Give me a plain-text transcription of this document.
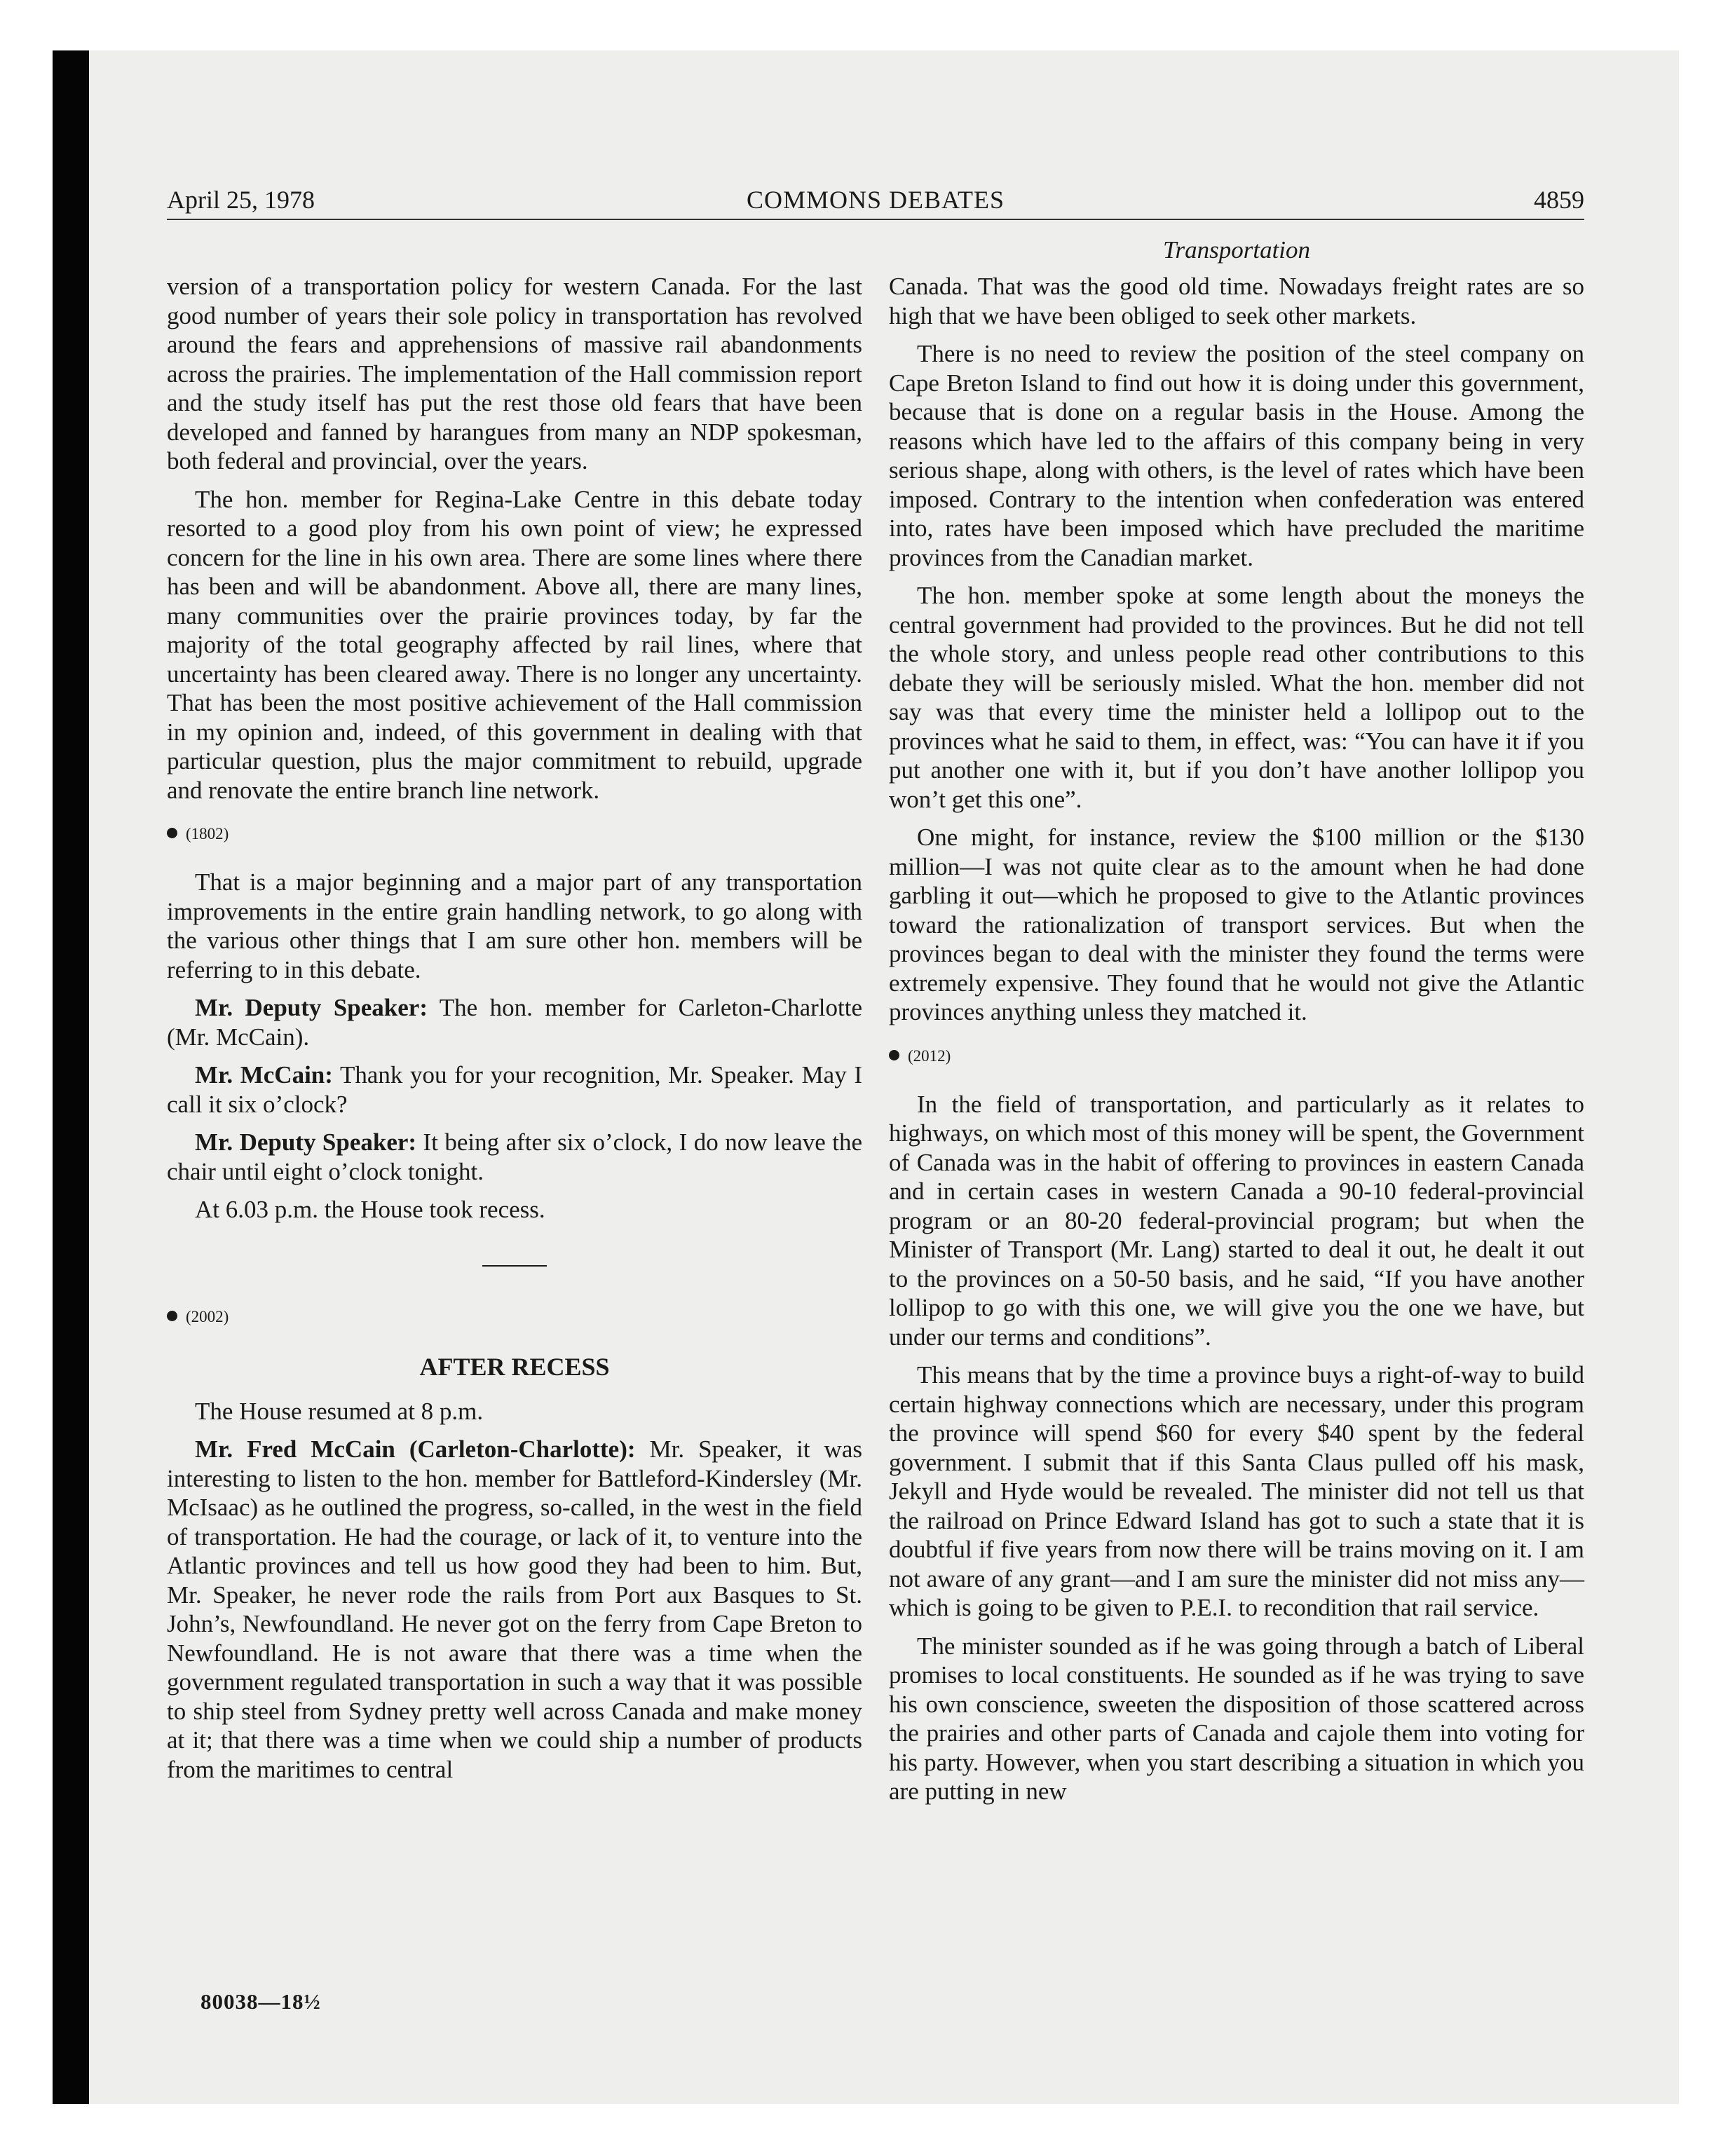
April 25, 1978	COMMONS DEBATES	4859
Transportation

version of a transportation policy for western Canada. For the last good number of years their sole policy in transportation has revolved around the fears and apprehensions of massive rail abandonments across the prairies. The implementation of the Hall commission report and the study itself has put the rest those old fears that have been developed and fanned by harangues from many an NDP spokesman, both federal and provincial, over the years.

The hon. member for Regina-Lake Centre in this debate today resorted to a good ploy from his own point of view; he expressed concern for the line in his own area. There are some lines where there has been and will be abandonment. Above all, there are many lines, many communities over the prairie provinces today, by far the majority of the total geography affected by rail lines, where that uncertainty has been cleared away. There is no longer any uncertainty. That has been the most positive achievement of the Hall commission in my opinion and, indeed, of this government in dealing with that particular question, plus the major commitment to rebuild, upgrade and renovate the entire branch line network.

(1802)

That is a major beginning and a major part of any transportation improvements in the entire grain handling network, to go along with the various other things that I am sure other hon. members will be referring to in this debate.

Mr. Deputy Speaker: The hon. member for Carleton-Charlotte (Mr. McCain).

Mr. McCain: Thank you for your recognition, Mr. Speaker. May I call it six o’clock?

Mr. Deputy Speaker: It being after six o’clock, I do now leave the chair until eight o’clock tonight.

At 6.03 p.m. the House took recess.

(2002)
AFTER RECESS

The House resumed at 8 p.m.

Mr. Fred McCain (Carleton-Charlotte): Mr. Speaker, it was interesting to listen to the hon. member for Battleford-Kindersley (Mr. McIsaac) as he outlined the progress, so-called, in the west in the field of transportation. He had the courage, or lack of it, to venture into the Atlantic provinces and tell us how good they had been to him. But, Mr. Speaker, he never rode the rails from Port aux Basques to St. John’s, Newfoundland. He never got on the ferry from Cape Breton to Newfoundland. He is not aware that there was a time when the government regulated transportation in such a way that it was possible to ship steel from Sydney pretty well across Canada and make money at it; that there was a time when we could ship a number of products from the maritimes to central

Canada. That was the good old time. Nowadays freight rates are so high that we have been obliged to seek other markets.

There is no need to review the position of the steel company on Cape Breton Island to find out how it is doing under this government, because that is done on a regular basis in the House. Among the reasons which have led to the affairs of this company being in very serious shape, along with others, is the level of rates which have been imposed. Contrary to the intention when confederation was entered into, rates have been imposed which have precluded the maritime provinces from the Canadian market.

The hon. member spoke at some length about the moneys the central government had provided to the provinces. But he did not tell the whole story, and unless people read other contributions to this debate they will be seriously misled. What the hon. member did not say was that every time the minister held a lollipop out to the provinces what he said to them, in effect, was: “You can have it if you put another one with it, but if you don’t have another lollipop you won’t get this one”.

One might, for instance, review the $100 million or the $130 million—I was not quite clear as to the amount when he had done garbling it out—which he proposed to give to the Atlantic provinces toward the rationalization of transport services. But when the provinces began to deal with the minister they found the terms were extremely expensive. They found that he would not give the Atlantic provinces anything unless they matched it.

(2012)

In the field of transportation, and particularly as it relates to highways, on which most of this money will be spent, the Government of Canada was in the habit of offering to provinces in eastern Canada and in certain cases in western Canada a 90-10 federal-provincial program or an 80-20 federal-provincial program; but when the Minister of Transport (Mr. Lang) started to deal it out, he dealt it out to the provinces on a 50-50 basis, and he said, “If you have another lollipop to go with this one, we will give you the one we have, but under our terms and conditions”.

This means that by the time a province buys a right-of-way to build certain highway connections which are necessary, under this program the province will spend $60 for every $40 spent by the federal government. I submit that if this Santa Claus pulled off his mask, Jekyll and Hyde would be revealed. The minister did not tell us that the railroad on Prince Edward Island has got to such a state that it is doubtful if five years from now there will be trains moving on it. I am not aware of any grant—and I am sure the minister did not miss any—which is going to be given to P.E.I. to recondition that rail service.

The minister sounded as if he was going through a batch of Liberal promises to local constituents. He sounded as if he was trying to save his own conscience, sweeten the disposition of those scattered across the prairies and other parts of Canada and cajole them into voting for his party. However, when you start describing a situation in which you are putting in new

80038—18½
